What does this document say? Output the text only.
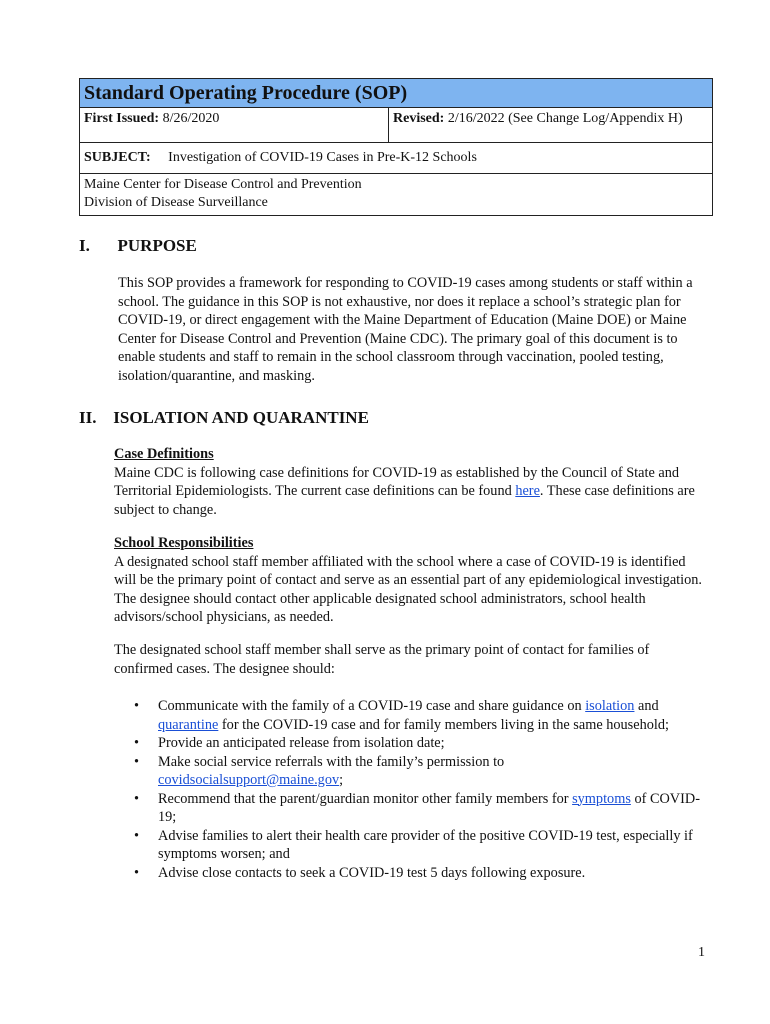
Standard Operating Procedure (SOP)
First Issued: 8/26/2020	Revised: 2/16/2022 (See Change Log/Appendix H)
SUBJECT: Investigation of COVID-19 Cases in Pre-K-12 Schools
Maine Center for Disease Control and Prevention
Division of Disease Surveillance
I. PURPOSE
This SOP provides a framework for responding to COVID-19 cases among students or staff within a school. The guidance in this SOP is not exhaustive, nor does it replace a school’s strategic plan for COVID-19, or direct engagement with the Maine Department of Education (Maine DOE) or Maine Center for Disease Control and Prevention (Maine CDC). The primary goal of this document is to enable students and staff to remain in the school classroom through vaccination, pooled testing, isolation/quarantine, and masking.
II. ISOLATION AND QUARANTINE
Case Definitions
Maine CDC is following case definitions for COVID-19 as established by the Council of State and Territorial Epidemiologists. The current case definitions can be found here. These case definitions are subject to change.
School Responsibilities
A designated school staff member affiliated with the school where a case of COVID-19 is identified will be the primary point of contact and serve as an essential part of any epidemiological investigation. The designee should contact other applicable designated school administrators, school health advisors/school physicians, as needed.
The designated school staff member shall serve as the primary point of contact for families of confirmed cases. The designee should:
• Communicate with the family of a COVID-19 case and share guidance on isolation and
quarantine for the COVID-19 case and for family members living in the same household;
• Provide an anticipated release from isolation date;
• Make social service referrals with the family’s permission to
covidsocialsupport@maine.gov;
• Recommend that the parent/guardian monitor other family members for symptoms of COVID-19;
• Advise families to alert their health care provider of the positive COVID-19 test, especially if symptoms worsen; and
• Advise close contacts to seek a COVID-19 test 5 days following exposure.
1
